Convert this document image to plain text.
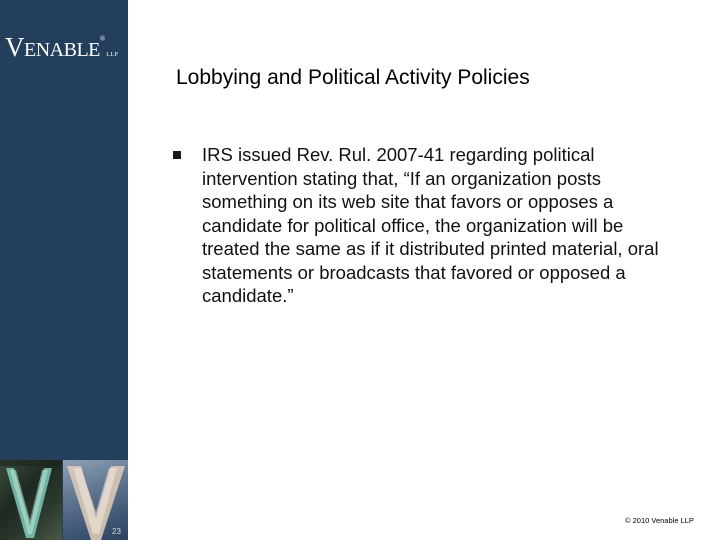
VENABLE®LLP
23
Lobbying and Political Activity Policies
IRS issued Rev. Rul. 2007-41 regarding political intervention stating that, “If an organization posts something on its web site that favors or opposes a candidate for political office, the organization will be treated the same as if it distributed printed material, oral statements or broadcasts that favored or opposed a candidate.”
© 2010 Venable LLP
